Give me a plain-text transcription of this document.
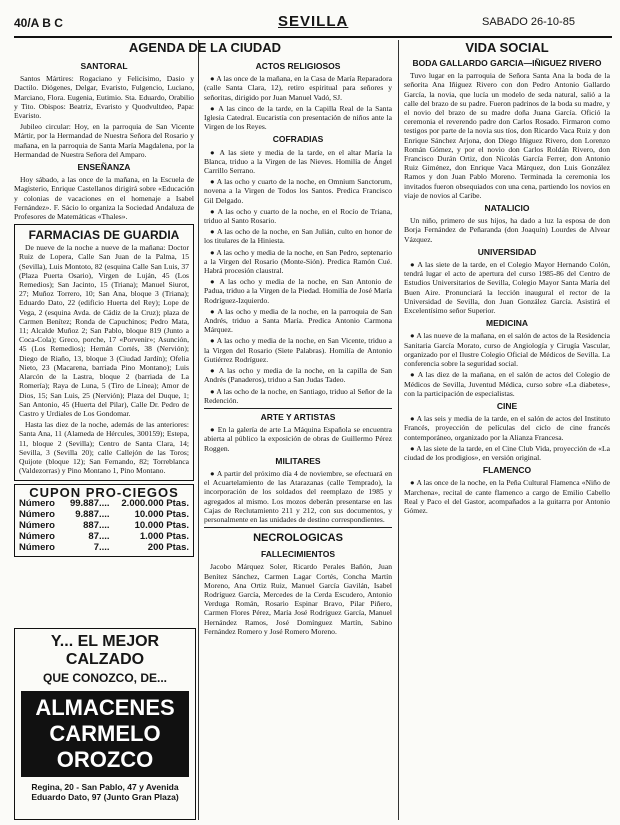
40/A B C	SEVILLA	SABADO 26-10-85
AGENDA DE LA CIUDAD
SANTORAL

Santos Mártires: Rogaciano y Felicísimo, Dasio y Dactilo. Diógenes, Delgar, Evaristo, Fulgencio, Luciano, Marciano, Flora. Eugenia, Eutimio. Sta. Eduardo, Orabilio y Tito. Obispos: Beatriz, Evaristo y Quodvultdeo, Papa: Evaristo.

Jubileo circular: Hoy, en la parroquia de San Vicente Mártir, por la Hermandad de Nuestra Señora del Rosario y mañana, en la parroquia de Santa María Magdalena, por la Hermandad de Nuestra Señora del Amparo.

ENSEÑANZA

Hoy sábado, a las once de la mañana, en la Escuela de Magisterio, Enrique Castellanos dirigirá sobre «Educación y colonias de vacaciones en el homenaje a Isabel Fernández». F. Sácio lo organiza la Sociedad Andaluza de Profesores de Matemáticas «Thales».

FARMACIAS DE GUARDIA

De nueve de la noche a nueve de la mañana: Doctor Ruiz de Lopera, Calle San Juan de la Palma, 15 (Sevilla), Luis Montoto, 82 (esquina Calle San Luis, 37 (Plaza Puerta Osario), Virgen de Luján, 45 (Los Remedios); San Jacinto, 15 (Triana); Manuel Siurot, 27; Muñoz Torrero, 10; San Ana, bloque 3 (Triana); Eduardo Dato, 22 (edificio Huerta del Rey); Lope de Vega, 2 (esquina Avda. de Cádiz de la Cruz); plaza de Carmen Benítez; Ronda de Capuchinos; Pedro Mata, 11; Alcalde Muñoz 2; San Pablo, bloque 819 (Junto a Coca-Cola); Greco, porche, 17 «Porvenir»; Asunción, 45 (Los Remedios); Hernán Cortés, 38 (Nervión); Diego de Riaño, 13, bloque 3 (Ciudad Jardín); Ofelia Nieto, 23 (Macarena, barriada Pino Montano); Luis Alarcón de la Lastra, bloque 2 (barriada de La Romería); Raya de Luna, 5 (Tiro de Línea); Amor de Dios, 15; San Luis, 25 (Nervión); Plaza del Duque, 1; San Antonio, 45 (Huerta del Pilar), Calle Dr. Pedro de Castro y Urdiales de Los Gondomar.

Hasta las diez de la noche, además de las anteriores: Santa Ana, 11 (Alameda de Hércules, 300159); Estepa, 11, bloque 2 (Sevilla); Centro de Santa Clara, 14; Sevilla, 3 (Sevilla 20); calle Callejón de las Toros; Quijote (bloque 12); San Fernando, 82; Torreblanca (Valdezorras) y Pino Montano 1, Pino Montano.

CUPON PRO-CIEGOS
Número	99.887 ....	2.000.000 Ptas.
Número	9.887 ....	10.000 Ptas.
Número	887 ....	10.000 Ptas.
Número	87 ....	1.000 Ptas.
Número	7 ....	200 Ptas.
Y... EL MEJOR CALZADO
QUE CONOZCO, DE...
ALMACENES
CARMELO
OROZCO
Regina, 20 - San Pablo, 47 y Avenida Eduardo Dato, 97 (Junto Gran Plaza)
ACTOS RELIGIOSOS

● A las once de la mañana, en la Casa de María Reparadora (calle Santa Clara, 12), retiro espiritual para señores y señoritas, dirigido por Juan Manuel Vadó, SJ.

● A las cinco de la tarde, en la Capilla Real de la Santa Iglesia Catedral. Eucaristía con presentación de niños ante la Virgen de los Reyes.

COFRADIAS

● A las siete y media de la tarde, en el altar María la Blanca, triduo a la Virgen de las Nieves. Homilía de Ángel Carrillo Serrano.

● A las ocho y cuarto de la noche, en Omnium Sanctorum, novena a la Virgen de Todos los Santos. Predica Francisco Gil Delgado.

● A las ocho y cuarto de la noche, en el Rocío de Triana, triduo al Santo Rosario.

● A las ocho de la noche, en San Julián, culto en honor de los titulares de la Hiniesta.

● A las ocho y media de la noche, en San Pedro, septenario a la Virgen del Rosario (Monte-Sión). Predica Ramón Cué. Habrá procesión claustral.

● A las ocho y media de la noche, en San Antonio de Padua, triduo a la Virgen de la Piedad. Homilía de José María Rodríguez-Izquierdo.

● A las ocho y media de la noche, en la parroquia de San Andrés, triduo a Santa María. Predica Antonio Carmona Márquez.

● A las ocho y media de la noche, en San Vicente, triduo a la Virgen del Rosario (Siete Palabras). Homilía de Antonio Gutiérrez Rodríguez.

● A las ocho y media de la noche, en la capilla de San Andrés (Panaderos), triduo a San Judas Tadeo.

● A las ocho de la noche, en Santiago, triduo al Señor de la Redención.

ARTE Y ARTISTAS

● En la galería de arte La Máquina Española se encuentra abierta al público la exposición de obras de Guillermo Pérez Roggen.

MILITARES

● A partir del próximo día 4 de noviembre, se efectuará en el Acuartelamiento de las Atarazanas (calle Temprado), la incorporación de los soldados del reemplazo de 1985 y agregados al mismo. Los mozos deberán presentarse en las Cajas de Reclutamiento 211 y 212, con sus documentos, y personalmente en las unidades de destino correspondientes.

NECROLOGICAS
FALLECIMIENTOS

Jacobo Márquez Soler, Ricardo Perales Bañón, Juan Benítez Sánchez, Carmen Lagar Cortés, Concha Martín Moreno, Ana Ortiz Ruiz, Manuel García Gavilán, Isabel Rodríguez García, Mercedes de la Cerda Escudero, Antonio Verduga Román, Rosario Espinar Bravo, Pilar Piñero, Carmen Flores Pérez, María José Rodríguez García, Manuel Hernández Ramos, José Domínguez Martín, Sabino Fernández Romero y José Romero Moreno.

VIDA SOCIAL
BODA GALLARDO GARCIA—IÑIGUEZ RIVERO

Tuvo lugar en la parroquia de Señora Santa Ana la boda de la señorita Ana Iñiguez Rivero con don Pedro Antonio Gallardo García, la novia, que lucía un modelo de seda natural, salió a la calle del brazo de su padre. Fueron padrinos de la boda su madre, y el novio del brazo de su madre doña Juana García. Ofició la ceremonia el reverendo padre don Carlos Rosado. Firmaron como testigos por parte de la novia sus tíos, don Ricardo Vaca Ruiz y don Enrique Sánchez Arjona, don Diego Iñiguez Rivero, don Lorenzo Román Gómez, y por el novio don Carlos Roldán Rivero, don Francisco Durán Ortiz, don Nicolás García Ferrer, don Antonio Ruiz Giménez, don Enrique Vaca Márquez, don Luis González Ramos y don Juan Pablo Moreno. Terminada la ceremonia los invitados fueron obsequiados con una cena, partiendo los novios en viaje de novios al Caribe.

NATALICIO

Un niño, primero de sus hijos, ha dado a luz la esposa de don Borja Fernández de Peñaranda (don Joaquín) Lourdes de Alvear Vázquez.

UNIVERSIDAD

● A las siete de la tarde, en el Colegio Mayor Hernando Colón, tendrá lugar el acto de apertura del curso 1985-86 del Centro de Estudios Universitarios de Sevilla, Colegio Mayor Santa María del Buen Aire. Pronunciará la lección inaugural el rector de la Universidad de Sevilla, don Juan González García. Asistirá el Excelentísimo señor Superior.

MEDICINA

● A las nueve de la mañana, en el salón de actos de la Residencia Sanitaria García Morato, curso de Angiología y Cirugía Vascular, organizado por el Ilustre Colegio Oficial de Médicos de Sevilla. La conferencia sobre la seguridad social.

● A las diez de la mañana, en el salón de actos del Colegio de Médicos de Sevilla, Juventud Médica, curso sobre «La diabetes», con la participación de especialistas.

CINE

● A las seis y media de la tarde, en el salón de actos del Instituto Francés, proyección de películas del ciclo de cine francés contemporáneo, organizado por la Alianza Francesa.

● A las siete de la tarde, en el Cine Club Vida, proyección de «La ciudad de los prodigios», en versión original.

FLAMENCO

● A las once de la noche, en la Peña Cultural Flamenca «Niño de Marchena», recital de cante flamenco a cargo de Emilio Cabello Real y Paco el del Gastor, acompañados a la guitarra por Antonio Gómez.
